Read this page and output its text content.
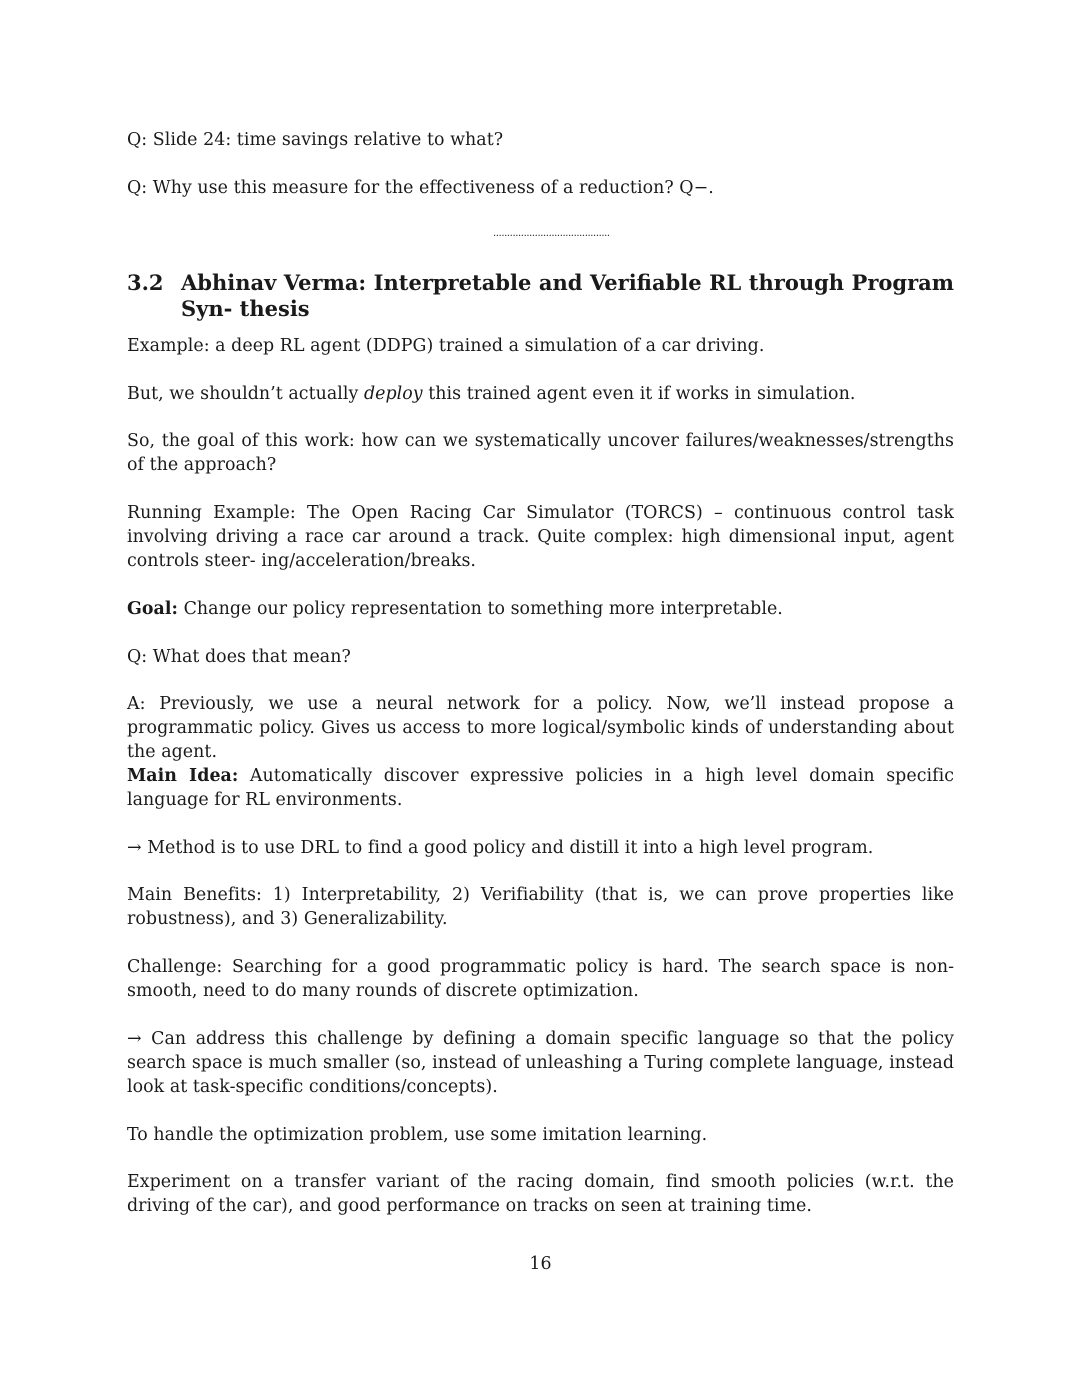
Q: Slide 24: time savings relative to what?

Q: Why use this measure for the effectiveness of a reduction? Q−.

..........................................
3.2 Abhinav Verma: Interpretable and Verifiable RL through Program Syn- thesis

Example: a deep RL agent (DDPG) trained a simulation of a car driving.

But, we shouldn’t actually deploy this trained agent even it if works in simulation.

So, the goal of this work: how can we systematically uncover failures/weaknesses/strengths of the approach?

Running Example: The Open Racing Car Simulator (TORCS) – continuous control task involving driving a race car around a track. Quite complex: high dimensional input, agent controls steer- ing/acceleration/breaks.

Goal: Change our policy representation to something more interpretable.

Q: What does that mean?

A: Previously, we use a neural network for a policy. Now, we’ll instead propose a programmatic policy. Gives us access to more logical/symbolic kinds of understanding about the agent.

Main Idea: Automatically discover expressive policies in a high level domain specific language for RL environments.

→ Method is to use DRL to find a good policy and distill it into a high level program.

Main Benefits: 1) Interpretability, 2) Verifiability (that is, we can prove properties like robustness), and 3) Generalizability.

Challenge: Searching for a good programmatic policy is hard. The search space is non-smooth, need to do many rounds of discrete optimization.

→ Can address this challenge by defining a domain specific language so that the policy search space is much smaller (so, instead of unleashing a Turing complete language, instead look at task-specific conditions/concepts).

To handle the optimization problem, use some imitation learning.

Experiment on a transfer variant of the racing domain, find smooth policies (w.r.t. the driving of the car), and good performance on tracks on seen at training time.

16
